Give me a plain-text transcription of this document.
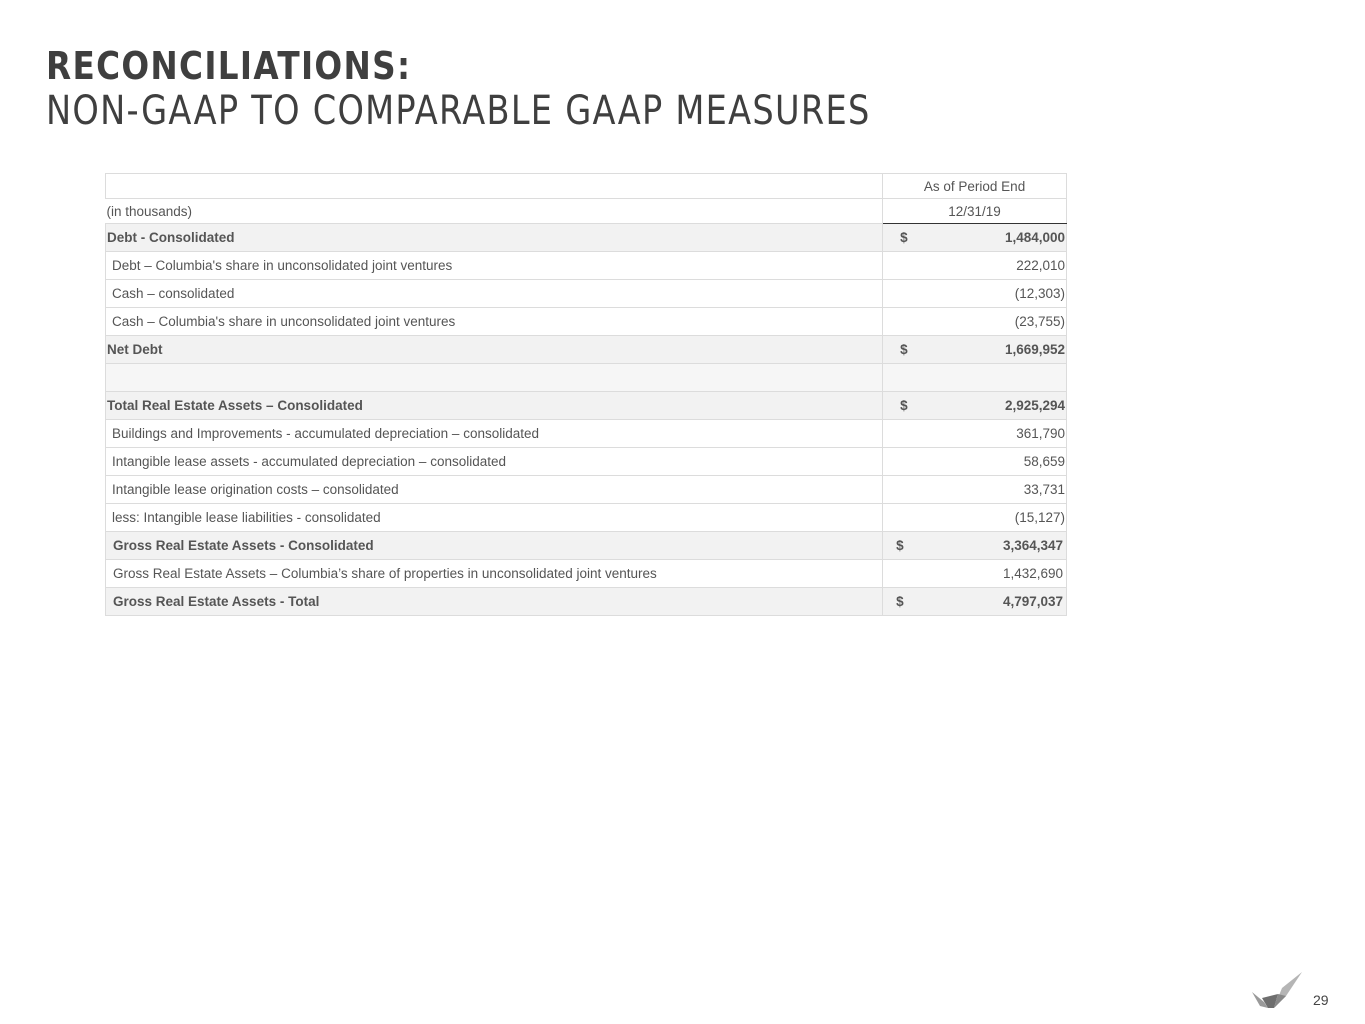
RECONCILIATIONS:
NON-GAAP TO COMPARABLE GAAP MEASURES
	As of Period End	
(in thousands)	12/31/19	
Debt - Consolidated	$	1,484,000
Debt – Columbia's share in unconsolidated joint ventures		222,010
Cash – consolidated		(12,303)
Cash – Columbia's share in unconsolidated joint ventures		(23,755)
Net Debt	$	1,669,952

Total Real Estate Assets – Consolidated	$	2,925,294
Buildings and Improvements - accumulated depreciation – consolidated		361,790
Intangible lease assets - accumulated depreciation – consolidated		58,659
Intangible lease origination costs – consolidated		33,731
less: Intangible lease liabilities - consolidated		(15,127)
Gross Real Estate Assets - Consolidated	$	3,364,347
Gross Real Estate Assets – Columbia’s share of properties in unconsolidated joint ventures		1,432,690
Gross Real Estate Assets - Total	$	4,797,037
29
